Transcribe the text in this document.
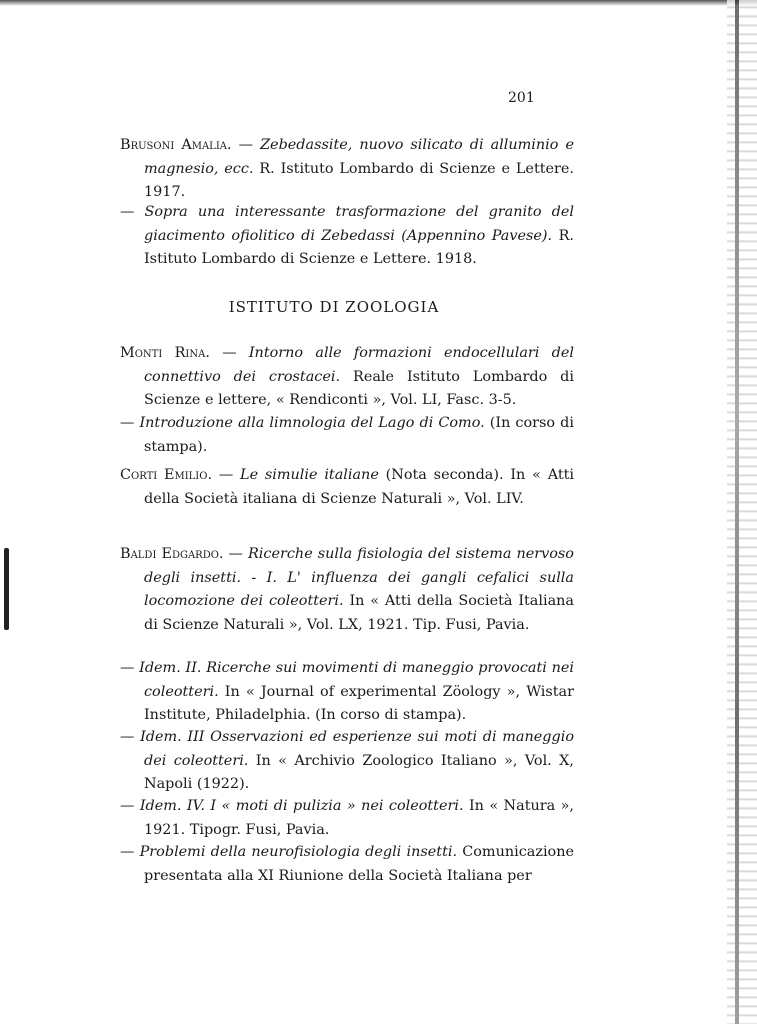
201
Brusoni Amalia. — Zebedassite, nuovo silicato di alluminio e magnesio, ecc. R. Istituto Lombardo di Scienze e Lettere. 1917.
— Sopra una interessante trasformazione del granito del giacimento ofiolitico di Zebedassi (Appennino Pavese). R. Istituto Lombardo di Scienze e Lettere. 1918.
ISTITUTO DI ZOOLOGIA
Monti Rina. — Intorno alle formazioni endocellulari del connettivo dei crostacei. Reale Istituto Lombardo di Scienze e lettere, « Rendiconti », Vol. LI, Fasc. 3-5.
— Introduzione alla limnologia del Lago di Como. (In corso di stampa).
Corti Emilio. — Le simulie italiane (Nota seconda). In « Atti della Società italiana di Scienze Naturali », Vol. LIV.
Baldi Edgardo. — Ricerche sulla fisiologia del sistema nervoso degli insetti. - I. L' influenza dei gangli cefalici sulla locomozione dei coleotteri. In « Atti della Società Italiana di Scienze Naturali », Vol. LX, 1921. Tip. Fusi, Pavia.
— Idem. II. Ricerche sui movimenti di maneggio provocati nei coleotteri. In « Journal of experimental Zöology », Wistar Institute, Philadelphia. (In corso di stampa).
— Idem. III Osservazioni ed esperienze sui moti di maneggio dei coleotteri. In « Archivio Zoologico Italiano », Vol. X, Napoli (1922).
— Idem. IV. I « moti di pulizia » nei coleotteri. In « Natura », 1921. Tipogr. Fusi, Pavia.
— Problemi della neurofisiologia degli insetti. Comunicazione presentata alla XI Riunione della Società Italiana per
